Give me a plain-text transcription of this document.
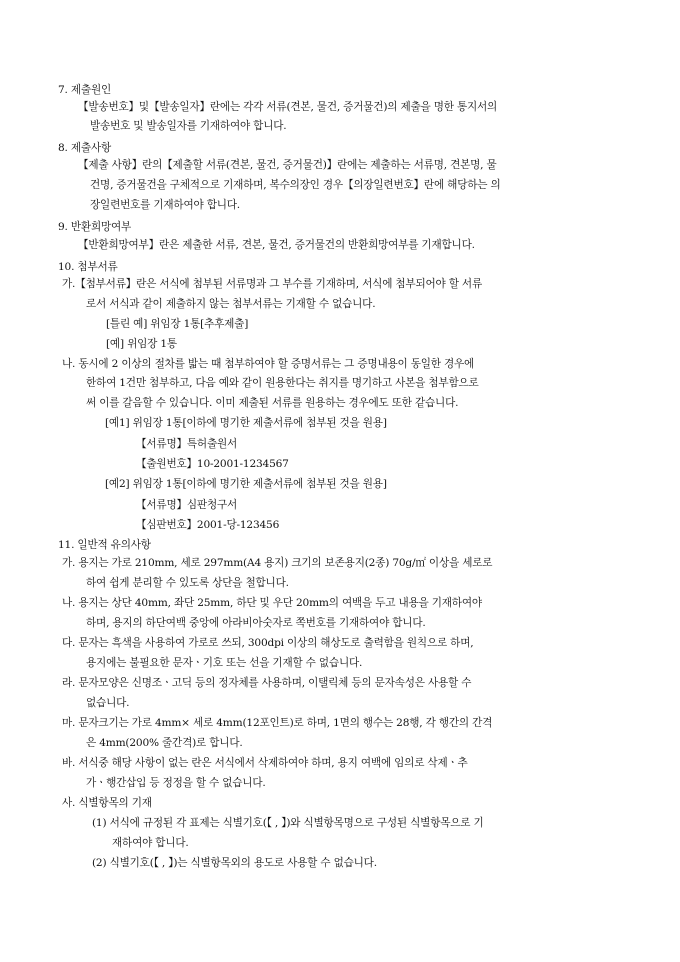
7. 제출원인
【발송번호】및【발송일자】란에는 각각 서류(견본, 물건, 증거물건)의 제출을 명한 통지서의
발송번호 및 발송일자를 기재하여야 합니다.
8. 제출사항
【제출 사항】란의【제출할 서류(견본, 물건, 증거물건)】란에는 제출하는 서류명, 견본명, 물
건명, 증거물건을 구체적으로 기재하며, 복수의장인 경우【의장일련번호】란에 해당하는 의
장일련번호를 기재하여야 합니다.
9. 반환희망여부
【반환희망여부】란은 제출한 서류, 견본, 물건, 증거물건의 반환희망여부를 기재합니다.
10. 첨부서류
가.【첨부서류】란은 서식에 첨부된 서류명과 그 부수를 기재하며, 서식에 첨부되어야 할 서류
로서 서식과 같이 제출하지 않는 첨부서류는 기재할 수 없습니다.
[틀린 예] 위임장 1통[추후제출]
[예] 위임장 1통
나. 동시에 2 이상의 절차를 밟는 때 첨부하여야 할 증명서류는 그 증명내용이 동일한 경우에
한하여 1건만 첨부하고, 다음 예와 같이 원용한다는 취지를 명기하고 사본을 첨부함으로
써 이를 갈음할 수 있습니다. 이미 제출된 서류를 원용하는 경우에도 또한 같습니다.
[예1] 위임장 1통[이하에 명기한 제출서류에 첨부된 것을 원용]
【서류명】특허출원서
【출원번호】10-2001-1234567
[예2] 위임장 1통[이하에 명기한 제출서류에 첨부된 것을 원용]
【서류명】심판청구서
【심판번호】2001-당-123456
11. 일반적 유의사항
가. 용지는 가로 210mm, 세로 297mm(A4 용지) 크기의 보존용지(2종) 70g/㎡ 이상을 세로로
하여 쉽게 분리할 수 있도록 상단을 철합니다.
나. 용지는 상단 40mm, 좌단 25mm, 하단 및 우단 20mm의 여백을 두고 내용을 기재하여야
하며, 용지의 하단여백 중앙에 아라비아숫자로 쪽번호를 기재하여야 합니다.
다. 문자는 흑색을 사용하여 가로로 쓰되, 300dpi 이상의 해상도로 출력함을 원칙으로 하며,
용지에는 불필요한 문자ㆍ기호 또는 선을 기재할 수 없습니다.
라. 문자모양은 신명조ㆍ고딕 등의 정자체를 사용하며, 이탤릭체 등의 문자속성은 사용할 수
없습니다.
마. 문자크기는 가로 4mm× 세로 4mm(12포인트)로 하며, 1면의 행수는 28행, 각 행간의 간격
은 4mm(200% 줄간격)로 합니다.
바. 서식중 해당 사항이 없는 란은 서식에서 삭제하여야 하며, 용지 여백에 임의로 삭제ㆍ추
가ㆍ행간삽입 등 정정을 할 수 없습니다.
사. 식별항목의 기재
(1) 서식에 규정된 각 표제는 식별기호(【 , 】)와 식별항목명으로 구성된 식별항목으로 기
재하여야 합니다.
(2) 식별기호(【 , 】)는 식별항목외의 용도로 사용할 수 없습니다.
